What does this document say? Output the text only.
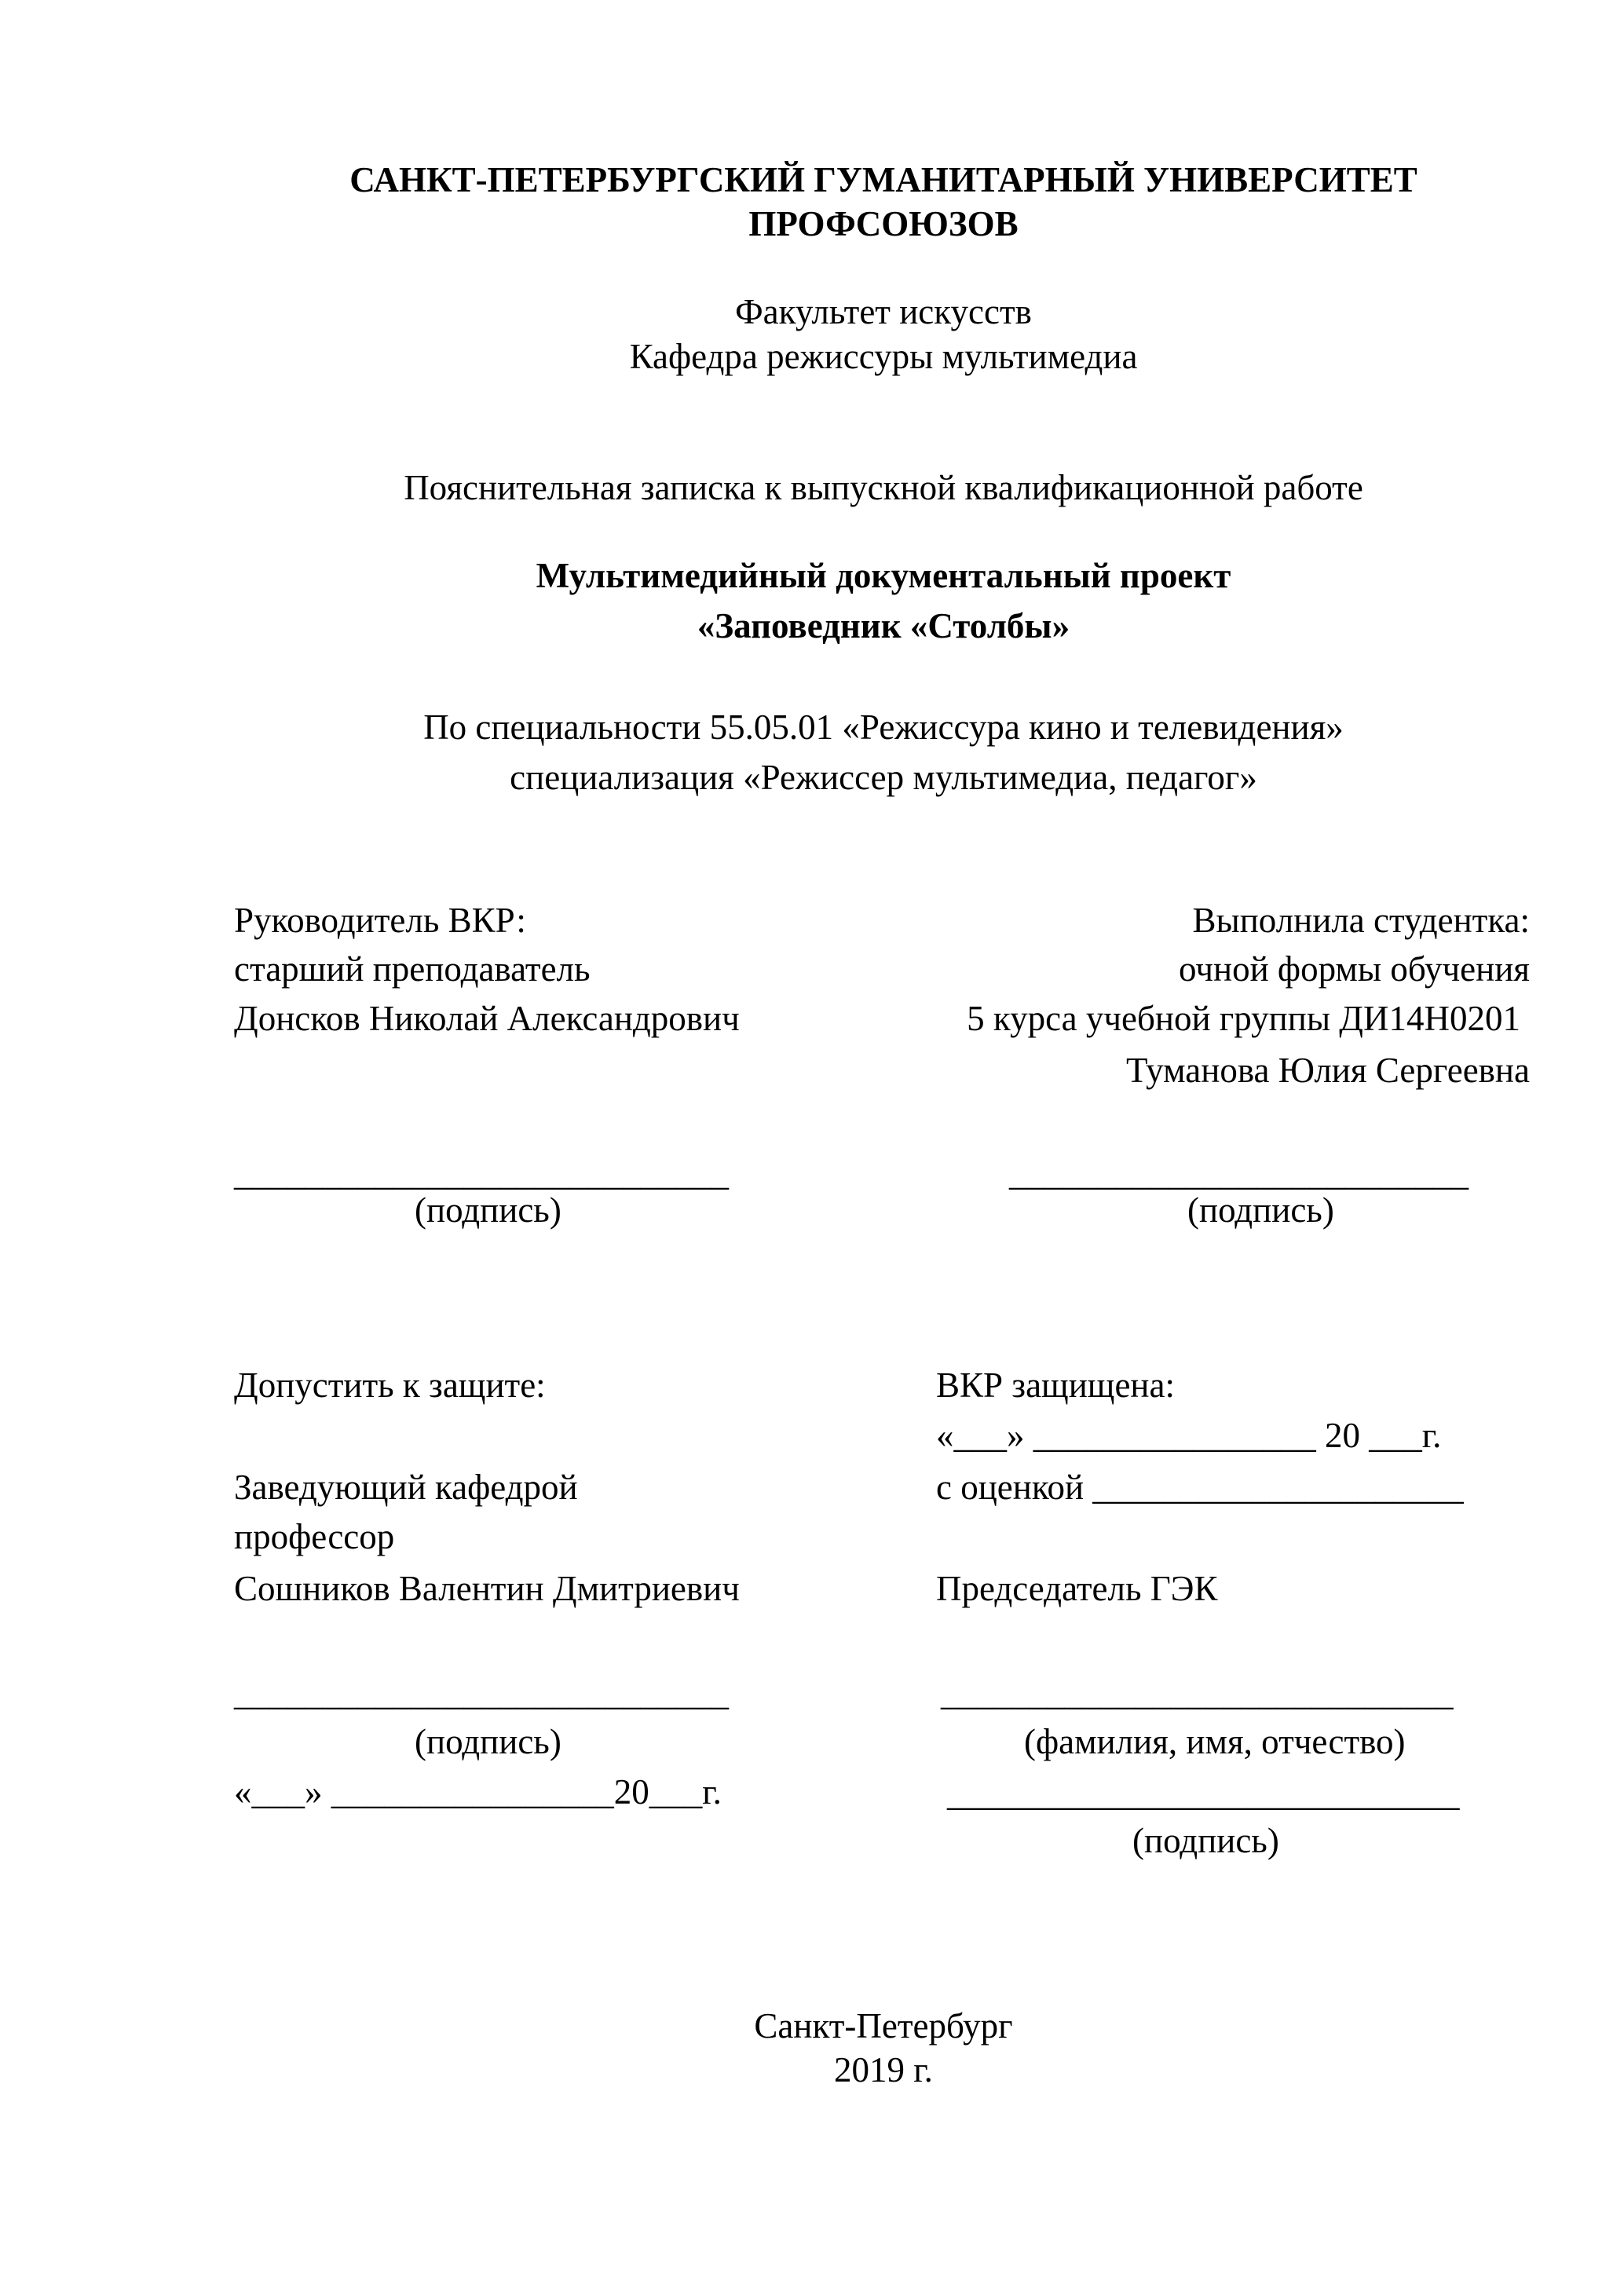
САНКТ-ПЕТЕРБУРГСКИЙ ГУМАНИТАРНЫЙ УНИВЕРСИТЕТ
ПРОФСОЮЗОВ
Факультет искусств
Кафедра режиссуры мультимедиа
Пояснительная записка к выпускной квалификационной работе
Мультимедийный документальный проект
«Заповедник «Столбы»
По специальности 55.05.01 «Режиссура кино и телевидения»
специализация «Режиссер мультимедиа, педагог»
Руководитель ВКР:
старший преподаватель
Донсков Николай Александрович
____________________________
(подпись)
Выполнила студентка:
очной формы обучения
5 курса учебной группы ДИ14Н0201
Туманова Юлия Сергеевна
__________________________
(подпись)
Допустить к защите:
Заведующий кафедрой
профессор
Сошников Валентин Дмитриевич
____________________________
(подпись)
«___» ________________20___г.
ВКР защищена:
«___» ________________ 20 ___г.
с оценкой _____________________
Председатель ГЭК
_____________________________
(фамилия, имя, отчество)
_____________________________
(подпись)
Санкт-Петербург
2019 г.
